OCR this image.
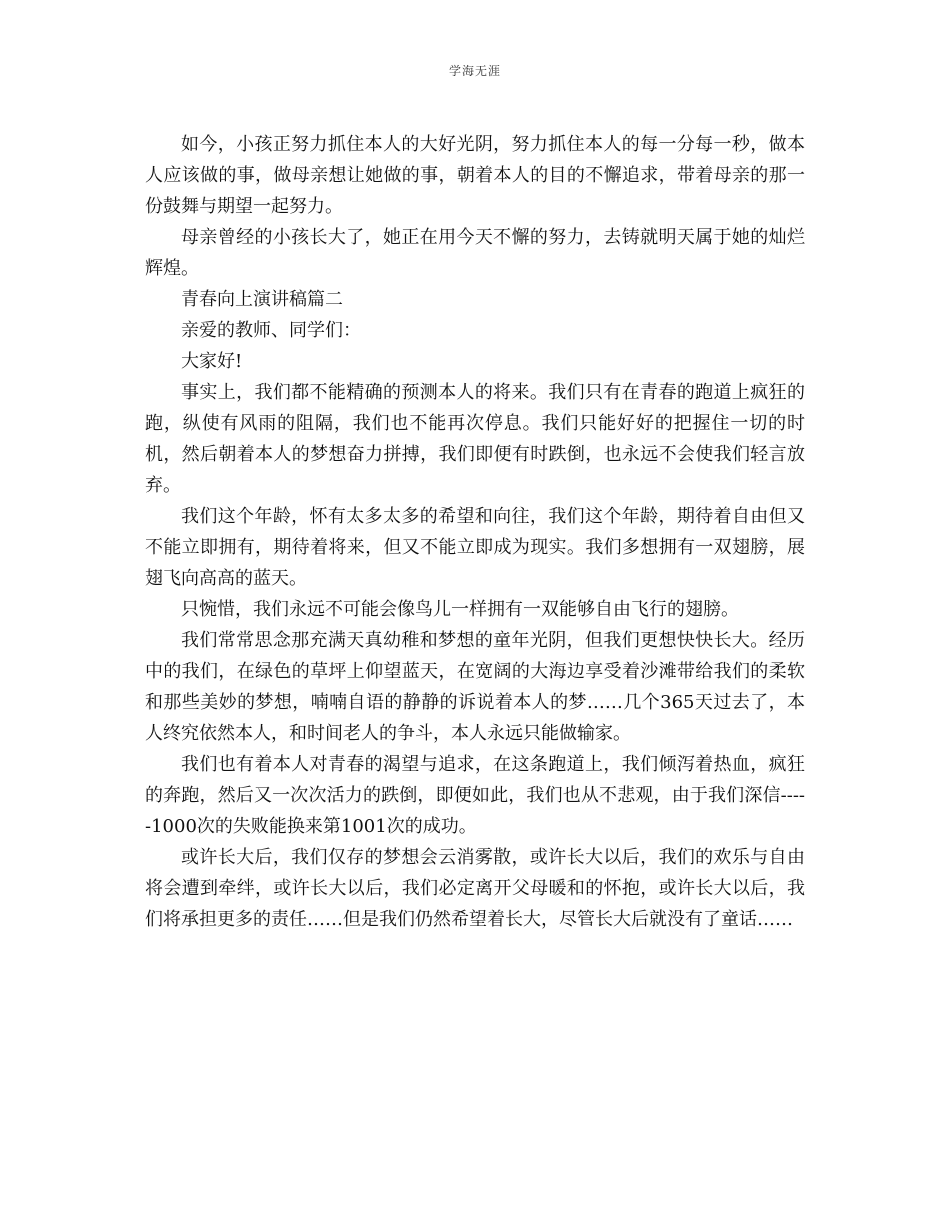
学海无涯

如今，小孩正努力抓住本人的大好光阴，努力抓住本人的每一分每一秒，做本人应该做的事，做母亲想让她做的事，朝着本人的目的不懈追求，带着母亲的那一份鼓舞与期望一起努力。

母亲曾经的小孩长大了，她正在用今天不懈的努力，去铸就明天属于她的灿烂辉煌。

青春向上演讲稿篇二

亲爱的教师、同学们：

大家好!

事实上，我们都不能精确的预测本人的将来。我们只有在青春的跑道上疯狂的跑，纵使有风雨的阻隔，我们也不能再次停息。我们只能好好的把握住一切的时机，然后朝着本人的梦想奋力拼搏，我们即便有时跌倒，也永远不会使我们轻言放弃。

我们这个年龄，怀有太多太多的希望和向往，我们这个年龄，期待着自由但又不能立即拥有，期待着将来，但又不能立即成为现实。我们多想拥有一双翅膀，展翅飞向高高的蓝天。

只惋惜，我们永远不可能会像鸟儿一样拥有一双能够自由飞行的翅膀。

我们常常思念那充满天真幼稚和梦想的童年光阴，但我们更想快快长大。经历中的我们，在绿色的草坪上仰望蓝天，在宽阔的大海边享受着沙滩带给我们的柔软和那些美妙的梦想，喃喃自语的静静的诉说着本人的梦……几个365天过去了，本人终究依然本人，和时间老人的争斗，本人永远只能做输家。

我们也有着本人对青春的渴望与追求，在这条跑道上，我们倾泻着热血，疯狂的奔跑，然后又一次次活力的跌倒，即便如此，我们也从不悲观，由于我们深信-----1000次的失败能换来第1001次的成功。

或许长大后，我们仅存的梦想会云消雾散，或许长大以后，我们的欢乐与自由将会遭到牵绊，或许长大以后，我们必定离开父母暖和的怀抱，或许长大以后，我们将承担更多的责任……但是我们仍然希望着长大，尽管长大后就没有了童话……
